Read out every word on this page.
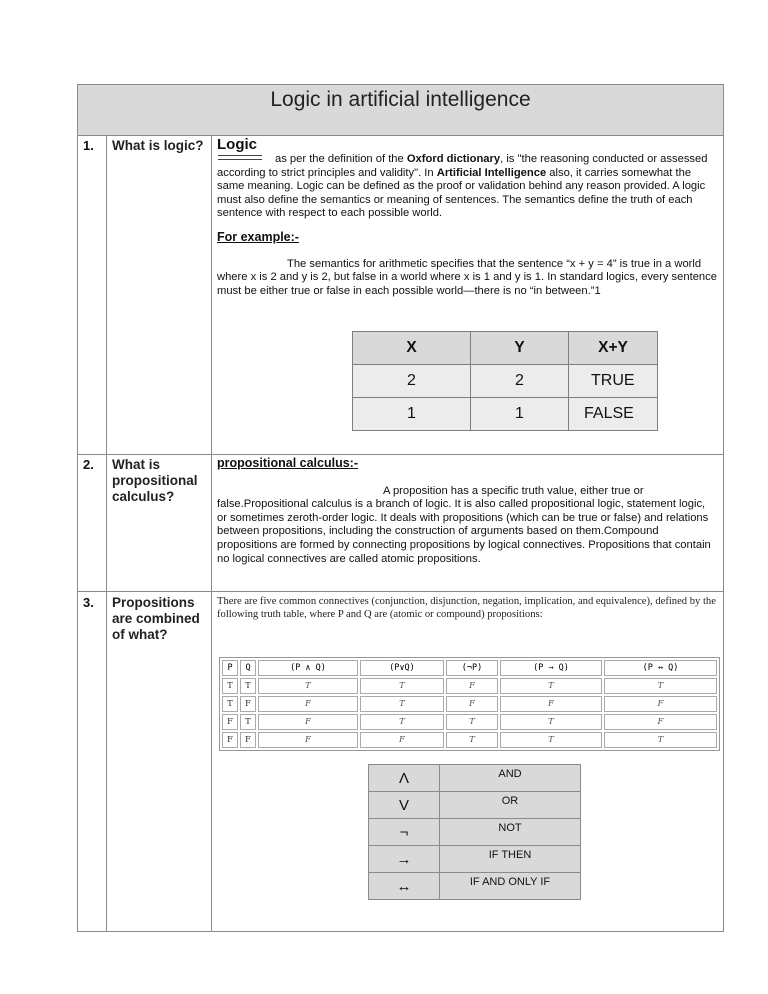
Logic in artificial intelligence
1. What is logic? Logic

as per the definition of the Oxford dictionary, is "the reasoning conducted or assessed according to strict principles and validity". In Artificial Intelligence also, it carries somewhat the same meaning. Logic can be defined as the proof or validation behind any reason provided. A logic must also define the semantics or meaning of sentences. The semantics define the truth of each sentence with respect to each possible world.

For example:-

The semantics for arithmetic specifies that the sentence “x + y = 4” is true in a world where x is 2 and y is 2, but false in a world where x is 1 and y is 1. In standard logics, every sentence must be either true or false in each possible world—there is no “in between.”1

X	Y	X+Y
2	2	TRUE
1	1	FALSE
2. What is propositional calculus?
propositional calculus:-

A proposition has a specific truth value, either true or false.Propositional calculus is a branch of logic. It is also called propositional logic, statement logic, or sometimes zeroth-order logic. It deals with propositions (which can be true or false) and relations between propositions, including the construction of arguments based on them.Compound propositions are formed by connecting propositions by logical connectives. Propositions that contain no logical connectives are called atomic propositions.

3. Propositions are combined of what?
There are five common connectives (conjunction, disjunction, negation, implication, and equivalence), defined by the following truth table, where P and Q are (atomic or compound) propositions:
P	Q	(P ∧ Q)	(P∨Q)	(¬P)	(P → Q)	(P ↔ Q)
T	T	T	T	F	T	T
T	F	F	T	F	F	F
F	T	F	T	T	T	F
F	F	F	F	T	T	T
Λ	AND
V	OR
¬	NOT
→	IF THEN
↔	IF AND ONLY IF
